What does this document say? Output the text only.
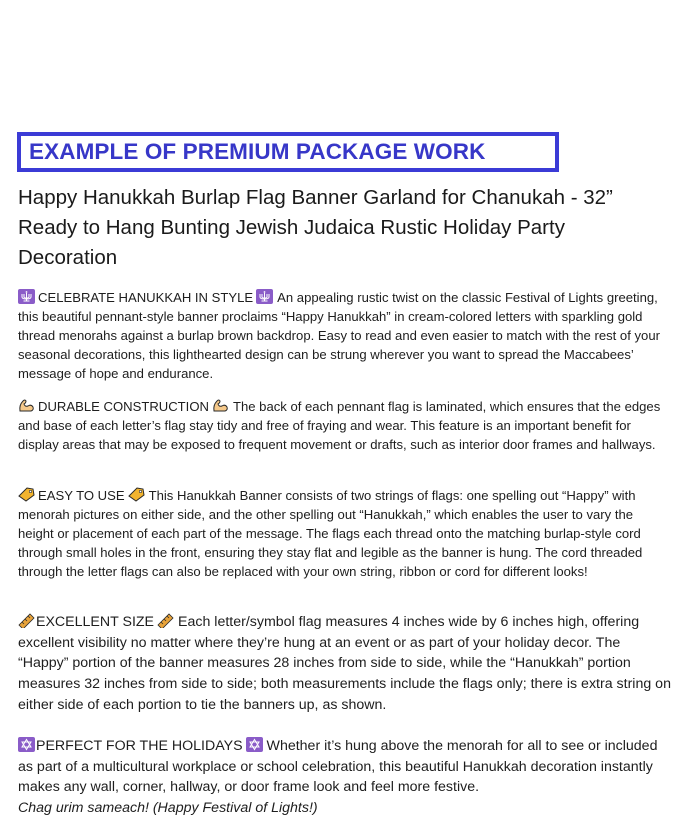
EXAMPLE OF PREMIUM PACKAGE WORK
Happy Hanukkah Burlap Flag Banner Garland for Chanukah - 32” Ready to Hang Bunting Jewish Judaica Rustic Holiday Party Decoration
CELEBRATE HANUKKAH IN STYLE An appealing rustic twist on the classic Festival of Lights greeting, this beautiful pennant-style banner proclaims “Happy Hanukkah” in cream-colored letters with sparkling gold thread menorahs against a burlap brown backdrop. Easy to read and even easier to match with the rest of your seasonal decorations, this lighthearted design can be strung wherever you want to spread the Maccabees’ message of hope and endurance.
DURABLE CONSTRUCTION The back of each pennant flag is laminated, which ensures that the edges and base of each letter’s flag stay tidy and free of fraying and wear. This feature is an important benefit for display areas that may be exposed to frequent movement or drafts, such as interior door frames and hallways.
EASY TO USE This Hanukkah Banner consists of two strings of flags: one spelling out “Happy” with menorah pictures on either side, and the other spelling out “Hanukkah,” which enables the user to vary the height or placement of each part of the message. The flags each thread onto the matching burlap-style cord through small holes in the front, ensuring they stay flat and legible as the banner is hung. The cord threaded through the letter flags can also be replaced with your own string, ribbon or cord for different looks!
EXCELLENT SIZE Each letter/symbol flag measures 4 inches wide by 6 inches high, offering excellent visibility no matter where they’re hung at an event or as part of your holiday decor. The “Happy” portion of the banner measures 28 inches from side to side, while the “Hanukkah” portion measures 32 inches from side to side; both measurements include the flags only; there is extra string on either side of each portion to tie the banners up, as shown.
PERFECT FOR THE HOLIDAYS Whether it’s hung above the menorah for all to see or included as part of a multicultural workplace or school celebration, this beautiful Hanukkah decoration instantly makes any wall, corner, hallway, or door frame look and feel more festive.
Chag urim sameach! (Happy Festival of Lights!)
